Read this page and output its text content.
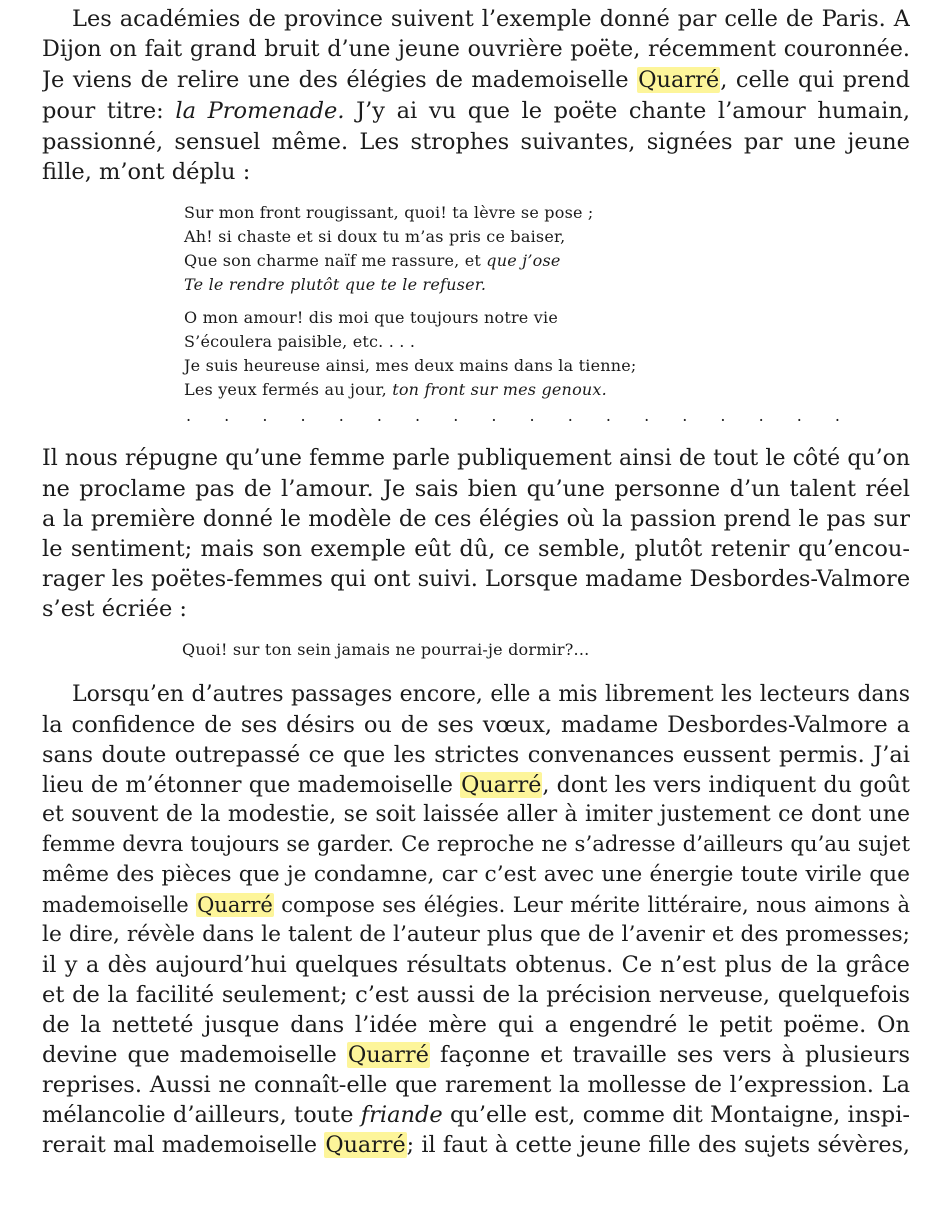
Les académies de province suivent l’exemple donné par celle de Paris. A
Dijon on fait grand bruit d’une jeune ouvrière poëte, récemment couronnée.
Je viens de relire une des élégies de mademoiselle Quarré, celle qui prend
pour titre: la Promenade. J’y ai vu que le poëte chante l’amour humain,
passionné, sensuel même. Les strophes suivantes, signées par une jeune
fille, m’ont déplu :
Sur mon front rougissant, quoi! ta lèvre se pose ;
Ah! si chaste et si doux tu m’as pris ce baiser,
Que son charme naïf me rassure, et que j’ose
Te le rendre plutôt que te le refuser.
O mon amour! dis moi que toujours notre vie
S’écoulera paisible, etc. . . .
Je suis heureuse ainsi, mes deux mains dans la tienne;
Les yeux fermés au jour, ton front sur mes genoux.
. . . . . . . . . . . . . . . . . .
Il nous répugne qu’une femme parle publiquement ainsi de tout le côté qu’on
ne proclame pas de l’amour. Je sais bien qu’une personne d’un talent réel
a la première donné le modèle de ces élégies où la passion prend le pas sur
le sentiment; mais son exemple eût dû, ce semble, plutôt retenir qu’encou-
rager les poëtes-femmes qui ont suivi. Lorsque madame Desbordes-Valmore
s’est écriée :
Quoi! sur ton sein jamais ne pourrai-je dormir?...
Lorsqu’en d’autres passages encore, elle a mis librement les lecteurs dans
la confidence de ses désirs ou de ses vœux, madame Desbordes-Valmore a
sans doute outrepassé ce que les strictes convenances eussent permis. J’ai
lieu de m’étonner que mademoiselle Quarré, dont les vers indiquent du goût
et souvent de la modestie, se soit laissée aller à imiter justement ce dont une
femme devra toujours se garder. Ce reproche ne s’adresse d’ailleurs qu’au sujet
même des pièces que je condamne, car c’est avec une énergie toute virile que
mademoiselle Quarré compose ses élégies. Leur mérite littéraire, nous aimons à
le dire, révèle dans le talent de l’auteur plus que de l’avenir et des promesses;
il y a dès aujourd’hui quelques résultats obtenus. Ce n’est plus de la grâce
et de la facilité seulement; c’est aussi de la précision nerveuse, quelquefois
de la netteté jusque dans l’idée mère qui a engendré le petit poëme. On
devine que mademoiselle Quarré façonne et travaille ses vers à plusieurs
reprises. Aussi ne connaît-elle que rarement la mollesse de l’expression. La
mélancolie d’ailleurs, toute friande qu’elle est, comme dit Montaigne, inspi-
rerait mal mademoiselle Quarré; il faut à cette jeune fille des sujets sévères,
